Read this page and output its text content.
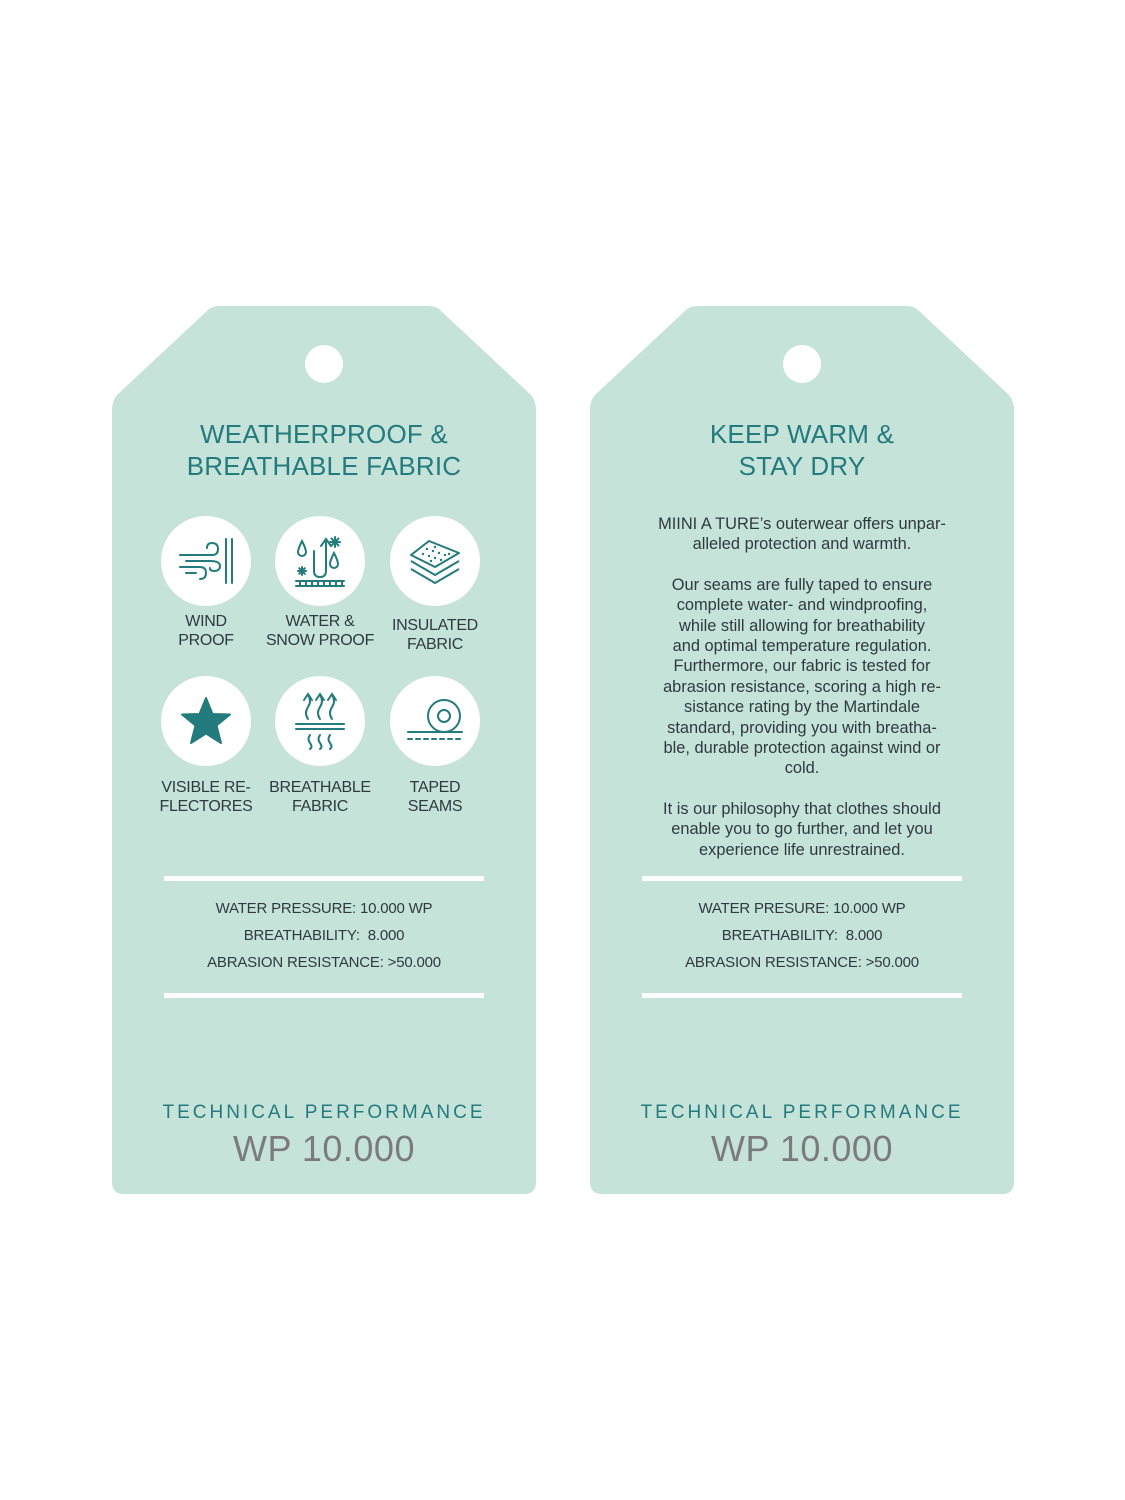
WEATHERPROOF &
BREATHABLE FABRIC
WIND
PROOF
WATER &
SNOW PROOF
INSULATED
FABRIC
VISIBLE RE-
FLECTORES
BREATHABLE
FABRIC
TAPED
SEAMS
WATER PRESSURE: 10.000 WP
BREATHABILITY:  8.000
ABRASION RESISTANCE: >50.000
TECHNICAL PERFORMANCE
WP 10.000
KEEP WARM &
STAY DRY

MIINI A TURE’s outerwear offers unpar-
alleled protection and warmth.

Our seams are fully taped to ensure
complete water- and windproofing,
while still allowing for breathability
and optimal temperature regulation.
Furthermore, our fabric is tested for
abrasion resistance, scoring a high re-
sistance rating by the Martindale
standard, providing you with breatha-
ble, durable protection against wind or
cold.

It is our philosophy that clothes should
enable you to go further, and let you
experience life unrestrained.

WATER PRESURE: 10.000 WP
BREATHABILITY:  8.000
ABRASION RESISTANCE: >50.000
TECHNICAL PERFORMANCE
WP 10.000
